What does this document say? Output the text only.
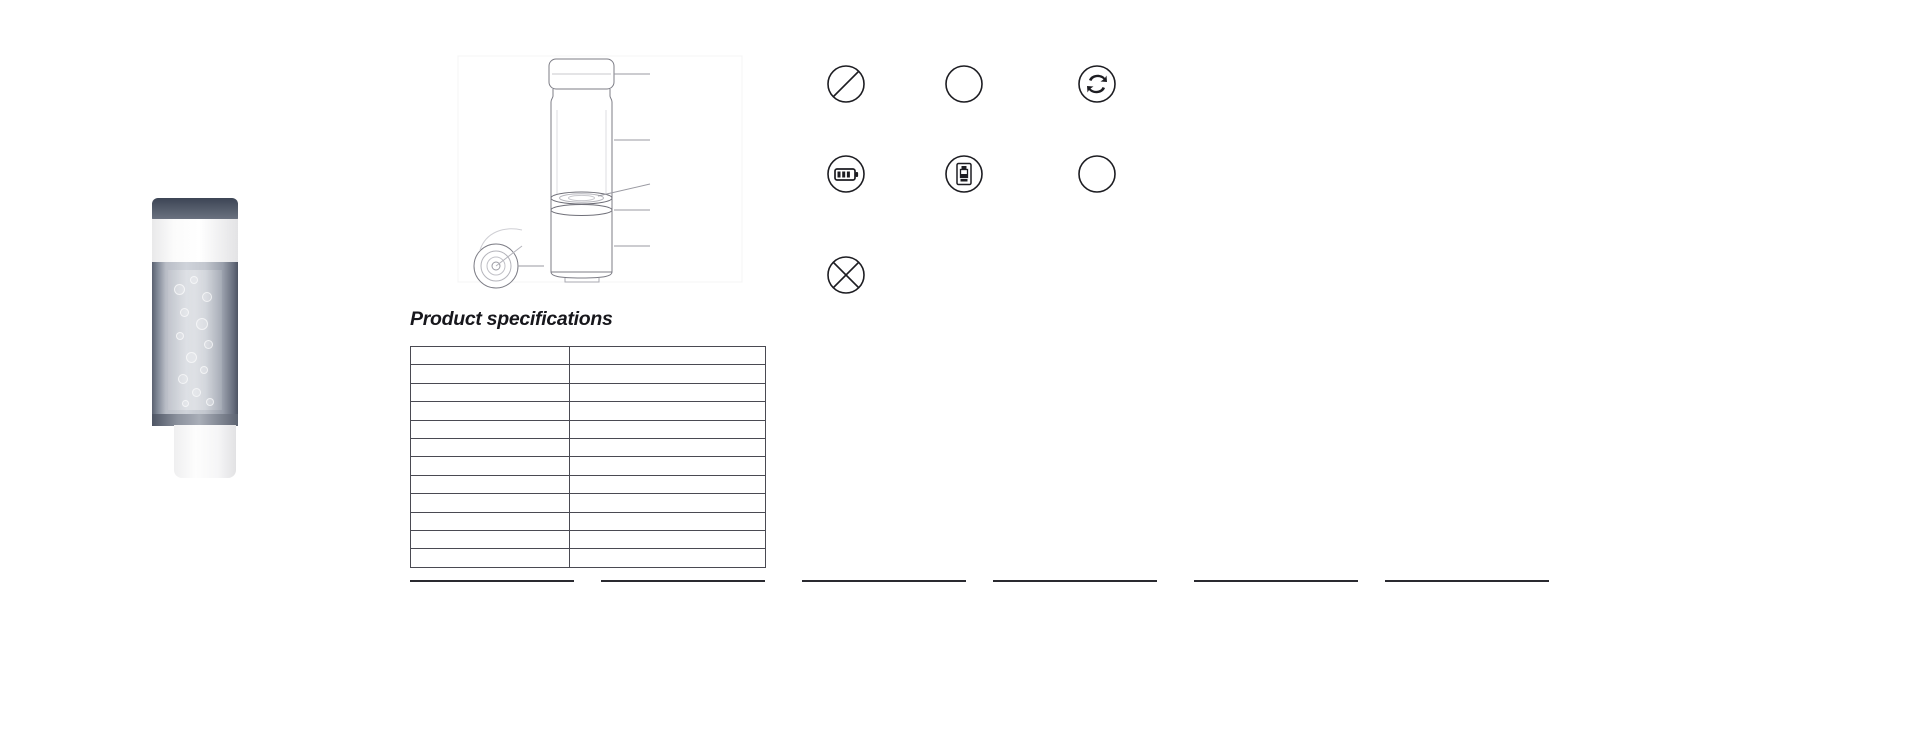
Product specifications
